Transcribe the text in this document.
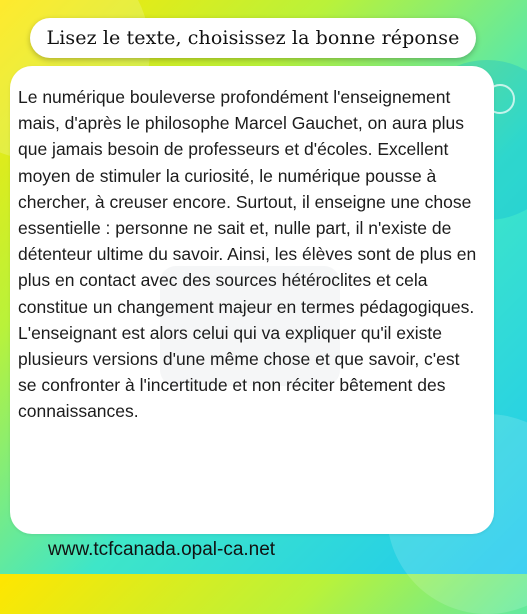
Lisez le texte, choisissez la bonne réponse

Le numérique bouleverse profondément l'enseignement mais, d'après le philosophe Marcel Gauchet, on aura plus que jamais besoin de professeurs et d'écoles. Excellent moyen de stimuler la curiosité, le numérique pousse à chercher, à creuser encore. Surtout, il enseigne une chose essentielle : personne ne sait et, nulle part, il n'existe de détenteur ultime du savoir. Ainsi, les élèves sont de plus en plus en contact avec des sources hétéroclites et cela constitue un changement majeur en termes pédagogiques. L'enseignant est alors celui qui va expliquer qu'il existe plusieurs versions d'une même chose et que savoir, c'est se confronter à l'incertitude et non réciter bêtement des connaissances.

www.tcfcanada.opal-ca.net
